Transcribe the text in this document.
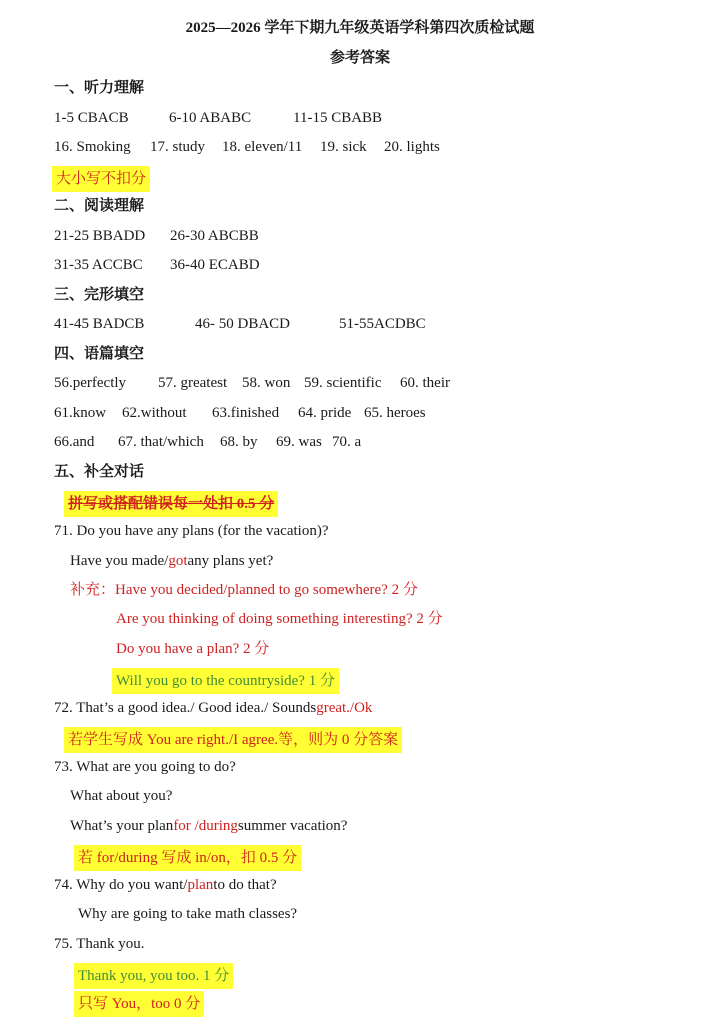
2025—2026 学年下期九年级英语学科第四次质检试题
参考答案
一、听力理解
1-5 CBACB	6-10 ABABC	11-15 CBABB
16. Smoking 17. study 18. eleven/11 19. sick 20. lights
大小写不扣分
二、阅读理解
21-25 BBADD 26-30 ABCBB
31-35 ACCBC 36-40 ECABD
三、完形填空
41-45 BADCB	46- 50 DBACD	51-55ACDBC
四、语篇填空
56.perfectly 57. greatest 58. won 59. scientific 60. their
61.know 62.without 63.finished 64. pride 65. heroes
66.and 67. that/which 68. by 69. was 70. a
五、补全对话
拼写或搭配错误每一处扣 0.5 分
71. Do you have any plans (for the vacation)?
Have you made/gotany plans yet?
补充：Have you decided/planned to go somewhere? 2 分
Are you thinking of doing something interesting? 2 分
Do you have a plan? 2 分
Will you go to the countryside? 1 分
72. That’s a good idea./ Good idea./ Soundsgreat./Ok
若学生写成 You are right./I agree.等，则为 0 分答案
73. What are you going to do?
What about you?
What’s your planfor /duringsummer vacation?
若 for/during 写成 in/on，扣 0.5 分
74. Why do you want/planto do that?
Why are going to take math classes?
75. Thank you.
Thank you, you too. 1 分
只写 You，too 0 分
